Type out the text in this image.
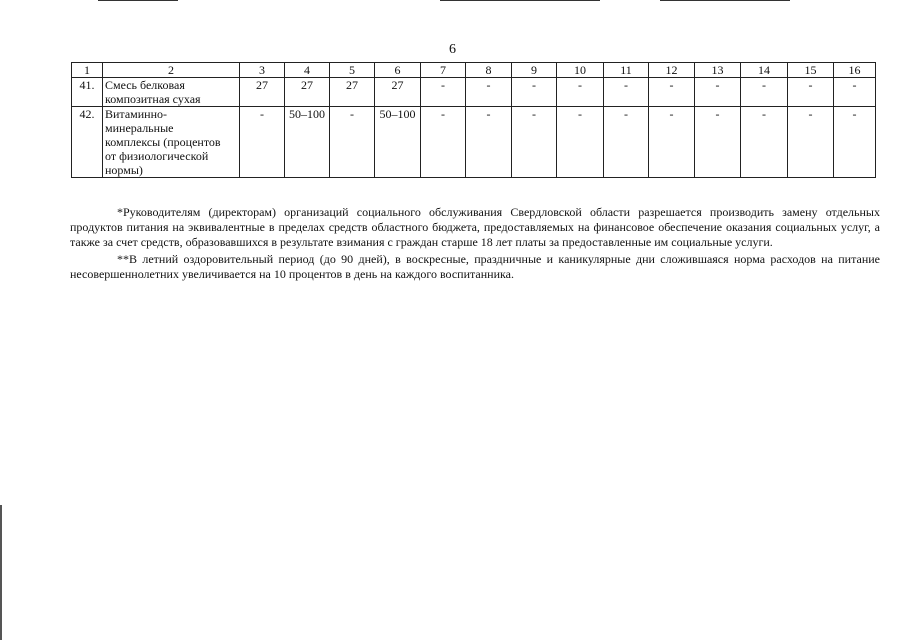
6
1	2	3	4	5	6	7	8	9	10	11	12	13	14	15	16
41.	Смесь белковая
композитная сухая	27	27	27	27	-	-	-	-	-	-	-	-	-	-
42.	Витаминно-
минеральные
комплексы (процентов
от физиологической
нормы)	-	50–100	-	50–100	-	-	-	-	-	-	-	-	-	-
*Руководителям (директорам) организаций социального обслуживания Свердловской области разрешается производить замену отдельных продуктов питания на эквивалентные в пределах средств областного бюджета, предоставляемых на финансовое обеспечение оказания социальных услуг, а также за счет средств, образовавшихся в результате взимания с граждан старше 18 лет платы за предоставленные им социальные услуги.
**В летний оздоровительный период (до 90 дней), в воскресные, праздничные и каникулярные дни сложившаяся норма расходов на питание несовершеннолетних увеличивается на 10 процентов в день на каждого воспитанника.
